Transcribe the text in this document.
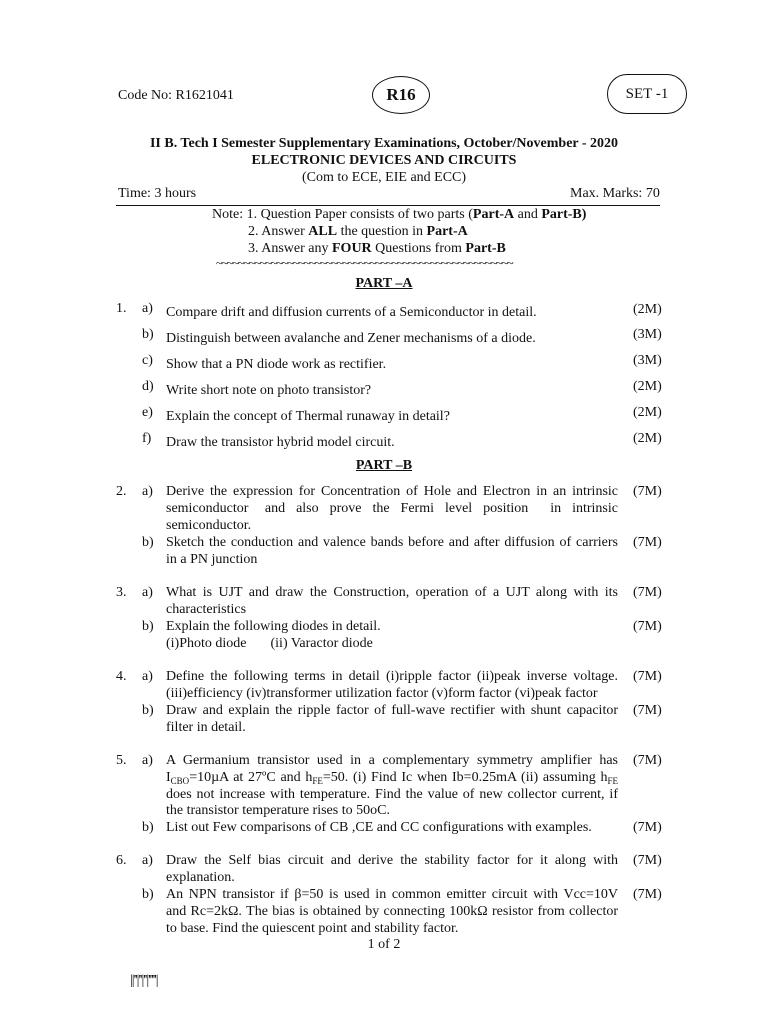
Code No: R1621041	R16	SET -1
II B. Tech I Semester Supplementary Examinations, October/November - 2020
ELECTRONIC DEVICES AND CIRCUITS
(Com to ECE, EIE and ECC)
Time: 3 hours	Max. Marks: 70
Note: 1. Question Paper consists of two parts (Part-A and Part-B)
2. Answer ALL the question in Part-A
3. Answer any FOUR Questions from Part-B
~~~~~~~~~~~~~~~~~~~~~~~~~~~~~~~~~~~~~~~~~~~~~~~~~~~~~~
PART –A
1. a) Compare drift and diffusion currents of a Semiconductor in detail.	(2M)
b) Distinguish between avalanche and Zener mechanisms of a diode.	(3M)
c) Show that a PN diode work as rectifier.	(3M)
d) Write short note on photo transistor?	(2M)
e) Explain the concept of Thermal runaway in detail?	(2M)
f) Draw the transistor hybrid model circuit.	(2M)
PART –B
2. a) Derive the expression for Concentration of Hole and Electron in an intrinsic
semiconductor   and  also  prove  the  Fermi  level  position    in  intrinsic
semiconductor.
(7M)
b) Sketch the conduction and valence bands before and after diffusion of carriers
in a PN junction
(7M)
3. a) What is UJT and draw the Construction, operation of a UJT along with its
characteristics
(7M)
b) Explain the following diodes in detail.
(i)Photo diode (ii) Varactor diode
(7M)
4. a) Define the following terms in detail (i)ripple factor (ii)peak inverse voltage.
(iii)efficiency (iv)transformer utilization factor (v)form factor (vi)peak factor
(7M)
b) Draw and explain the ripple factor of full-wave rectifier with shunt capacitor
filter in detail.
(7M)
5. a) A Germanium transistor used in a complementary symmetry amplifier has
$I_{CBO}=10\mu A$ at 27ºC and $h_{FE}=50$. (i) Find Ic when Ib=0.25mA (ii) assuming $h_{FE}$
does not increase with temperature. Find the value of new collector current, if
the transistor temperature rises to 50oC.
(7M)
b) List out Few comparisons of CB ,CE and CC configurations with examples.	(7M)
6. a) Draw the Self bias circuit and derive the stability factor for it along with
explanation.
(7M)
b) An NPN transistor if β=50 is used in common emitter circuit with Vcc=10V
and Rc=2kΩ. The bias is obtained by connecting 100kΩ resistor from collector
to base. Find the quiescent point and stability factor.
(7M)
1 of 2
||''|''|''|'''''|
